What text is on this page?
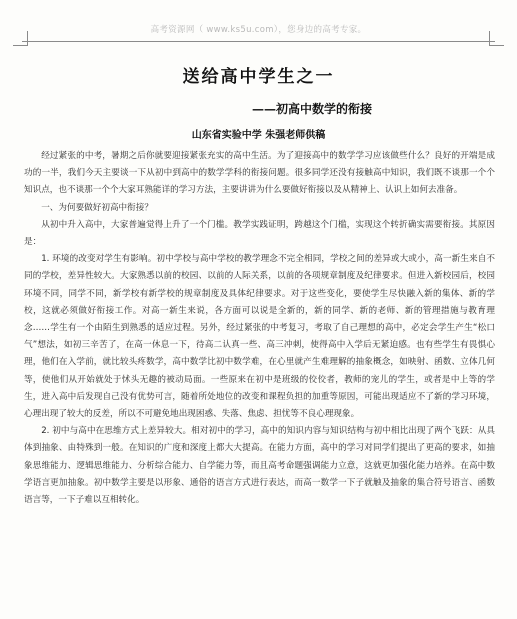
高考资源网（ www.ks5u.com），您身边的高考专家。
送给高中学生之一
——初高中数学的衔接
山东省实验中学 朱强老师供稿

经过紧张的中考，暑期之后你就要迎接紧张充实的高中生活。为了迎接高中的数学学习应该做些什么？良好的开端是成功的一半，我们今天主要谈一下从初中到高中的数学学科的衔接问题。很多同学还没有接触高中知识，我们既不谈那一个个知识点，也不谈那一个个大家耳熟能详的学习方法，主要讲讲为什么要做好衔接以及从精神上、认识上如何去准备。

一、为何要做好初高中衔接？

从初中升入高中，大家普遍觉得上升了一个门槛。教学实践证明，跨越这个门槛，实现这个转折确实需要衔接。其原因是：

1. 环境的改变对学生有影响。初中学校与高中学校的教学理念不完全相同，学校之间的差异或大或小，高一新生来自不同的学校，差异性较大。大家熟悉以前的校园、以前的人际关系，以前的各项规章制度及纪律要求。但进入新校园后，校园环境不同，同学不同，新学校有新学校的规章制度及具体纪律要求。对于这些变化，要使学生尽快融入新的集体、新的学校，这就必须做好衔接工作。对高一新生来说，各方面可以说是全新的，新的同学、新的老师、新的管理措施与教育理念……学生有一个由陌生到熟悉的适应过程。另外，经过紧张的中考复习，考取了自己理想的高中，必定会学生产生“松口气”想法，如初三辛苦了，在高一休息一下，待高二认真一些、高三冲刺，使得高中入学后无紧迫感。也有些学生有畏惧心理，他们在入学前，就比较头疼数学，高中数学比初中数学难，在心里就产生难理解的抽象概念，如映射、函数、立体几何等，使他们从开始就处于怵头无趣的被动局面。一些原来在初中是班级的佼佼者，教师的宠儿的学生，或者是中上等的学生，进入高中后发现自己没有优势可言，随着所处地位的改变和课程负担的加重等原因，可能出现适应不了新的学习环境，心理出现了较大的反差，所以不可避免地出现困惑、失落、焦虑、担忧等不良心理现象。

2. 初中与高中在思维方式上差异较大。相对初中的学习，高中的知识内容与知识结构与初中相比出现了两个飞跃：从具体到抽象、由特殊到一般。在知识的广度和深度上都大大提高。在能力方面，高中的学习对同学们提出了更高的要求，如抽象思维能力、逻辑思维能力、分析综合能力、自学能力等，而且高考命题强调能力立意，这就更加强化能力培养。在高中数学语言更加抽象。初中数学主要是以形象、通俗的语言方式进行表达，而高一数学一下子就触及抽象的集合符号语言、函数语言等，一下子难以互相转化。
